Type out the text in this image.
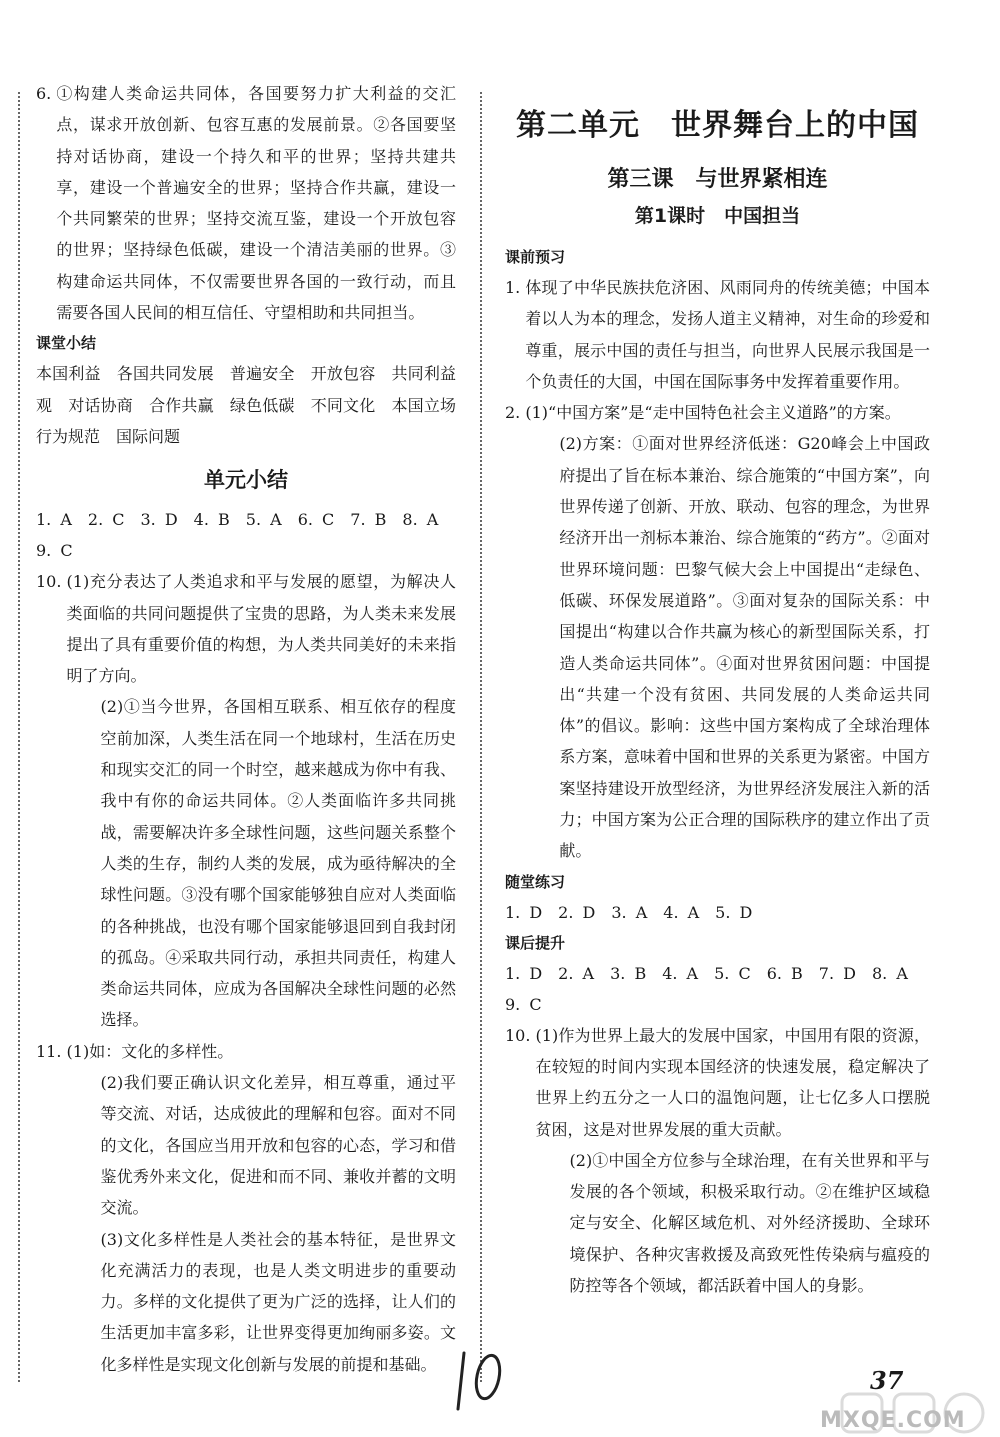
6. ①构建人类命运共同体，各国要努力扩大利益的交汇点，谋求开放创新、包容互惠的发展前景。②各国要坚持对话协商，建设一个持久和平的世界；坚持共建共享，建设一个普遍安全的世界；坚持合作共赢，建设一个共同繁荣的世界；坚持交流互鉴，建设一个开放包容的世界；坚持绿色低碳，建设一个清洁美丽的世界。③构建命运共同体，不仅需要世界各国的一致行动，而且需要各国人民间的相互信任、守望相助和共同担当。

课堂小结

本国利益　各国共同发展　普遍安全　开放包容　共同利益观　对话协商　合作共赢　绿色低碳　不同文化　本国立场　行为规范　国际问题

单元小结

1. A　2. C　3. D　4. B　5. A　6. C　7. B　8. A　9. C

10. (1)充分表达了人类追求和平与发展的愿望，为解决人类面临的共同问题提供了宝贵的思路，为人类未来发展提出了具有重要价值的构想，为人类共同美好的未来指明了方向。
(2)①当今世界，各国相互联系、相互依存的程度空前加深，人类生活在同一个地球村，生活在历史和现实交汇的同一个时空，越来越成为你中有我、我中有你的命运共同体。②人类面临许多共同挑战，需要解决许多全球性问题，这些问题关系整个人类的生存，制约人类的发展，成为亟待解决的全球性问题。③没有哪个国家能够独自应对人类面临的各种挑战，也没有哪个国家能够退回到自我封闭的孤岛。④采取共同行动，承担共同责任，构建人类命运共同体，应成为各国解决全球性问题的必然选择。
11. (1)如：文化的多样性。
(2)我们要正确认识文化差异，相互尊重，通过平等交流、对话，达成彼此的理解和包容。面对不同的文化，各国应当用开放和包容的心态，学习和借鉴优秀外来文化，促进和而不同、兼收并蓄的文明交流。
(3)文化多样性是人类社会的基本特征，是世界文化充满活力的表现，也是人类文明进步的重要动力。多样的文化提供了更为广泛的选择，让人们的生活更加丰富多彩，让世界变得更加绚丽多姿。文化多样性是实现文化创新与发展的前提和基础。

第二单元　世界舞台上的中国

第三课　与世界紧相连

第1课时　中国担当

课前预习

1. 体现了中华民族扶危济困、风雨同舟的传统美德；中国本着以人为本的理念，发扬人道主义精神，对生命的珍爱和尊重，展示中国的责任与担当，向世界人民展示我国是一个负责任的大国，中国在国际事务中发挥着重要作用。

2. (1)“中国方案”是“走中国特色社会主义道路”的方案。
(2)方案：①面对世界经济低迷：G20峰会上中国政府提出了旨在标本兼治、综合施策的“中国方案”，向世界传递了创新、开放、联动、包容的理念，为世界经济开出一剂标本兼治、综合施策的“药方”。②面对世界环境问题：巴黎气候大会上中国提出“走绿色、低碳、环保发展道路”。③面对复杂的国际关系：中国提出“构建以合作共赢为核心的新型国际关系，打造人类命运共同体”。④面对世界贫困问题：中国提出“共建一个没有贫困、共同发展的人类命运共同体”的倡议。影响：这些中国方案构成了全球治理体系方案，意味着中国和世界的关系更为紧密。中国方案坚持建设开放型经济，为世界经济发展注入新的活力；中国方案为公正合理的国际秩序的建立作出了贡献。

随堂练习

1. D　2. D　3. A　4. A　5. D

课后提升

1. D　2. A　3. B　4. A　5. C　6. B　7. D　8. A　9. C

10. (1)作为世界上最大的发展中国家，中国用有限的资源，在较短的时间内实现本国经济的快速发展，稳定解决了世界上约五分之一人口的温饱问题，让七亿多人口摆脱贫困，这是对世界发展的重大贡献。
(2)①中国全方位参与全球治理，在有关世界和平与发展的各个领域，积极采取行动。②在维护区域稳定与安全、化解区域危机、对外经济援助、全球环境保护、各种灾害救援及高致死性传染病与瘟疫的防控等各个领域，都活跃着中国人的身影。
37
MXQE.COM
